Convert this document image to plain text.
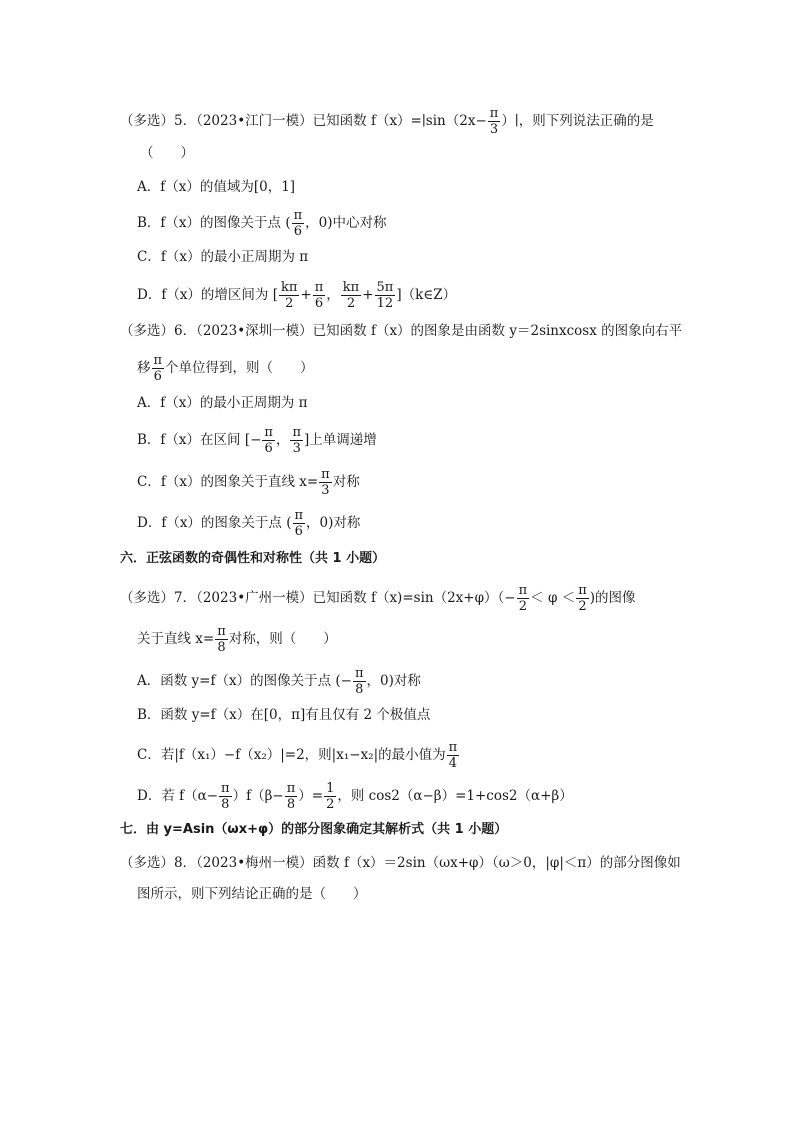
（多选）5．（2023•江门一模）已知函数 f（x）=∣sin（2x− $\frac{\pi}{3}$ ）∣，则下列说法正确的是
（　　）
A．f（x）的值域为[0，1]
B．f（x）的图像关于点 ( $\frac{\pi}{6}$ ，0)中心对称
C．f（x）的最小正周期为 π
D．f（x）的增区间为 [ $\frac{k\pi}{2} + \frac{\pi}{6}$ ， $\frac{k\pi}{2} + \frac{5\pi}{12}$ ]（k∈Z）
（多选）6．（2023•深圳一模）已知函数 f（x）的图象是由函数 y＝2sinxcosx 的图象向右平
移 $\frac{\pi}{6}$ 个单位得到，则（　　）
A．f（x）的最小正周期为 π
B．f（x）在区间 [− $\frac{\pi}{6}$ ， $\frac{\pi}{3}$ ]上单调递增
C．f（x）的图象关于直线 $x= \frac{\pi}{3}$ 对称
D．f（x）的图象关于点 ( $\frac{\pi}{6}$ ，0)对称
六．正弦函数的奇偶性和对称性（共 1 小题）
（多选）7．（2023•广州一模）已知函数 $f(x)=\sin(2x+\varphi)(- \frac{\pi}{2} < \varphi < \frac{\pi}{2}$ )的图像
关于直线 $x= \frac{\pi}{8}$ 对称，则（　　）
A．函数 y=f（x）的图像关于点 (− $\frac{\pi}{8}$ ，0)对称
B．函数 y=f（x）在[0，π]有且仅有 2 个极值点
C．若|f（x₁）−f（x₂）|=2，则|x₁−x₂|的最小值为 $\frac{\pi}{4}$
D．若 $f(\alpha- \frac{\pi}{8} )f(\beta- \frac{\pi}{8}$ ）= $\frac{1}{2}$ ，则 cos2（α−β）=1+cos2（α+β）
七．由 y=Asin（ωx+φ）的部分图象确定其解析式（共 1 小题）
（多选）8．（2023•梅州一模）函数 f（x）＝2sin（ωx+φ）（ω＞0，|φ|＜π）的部分图像如
图所示，则下列结论正确的是（　　）
